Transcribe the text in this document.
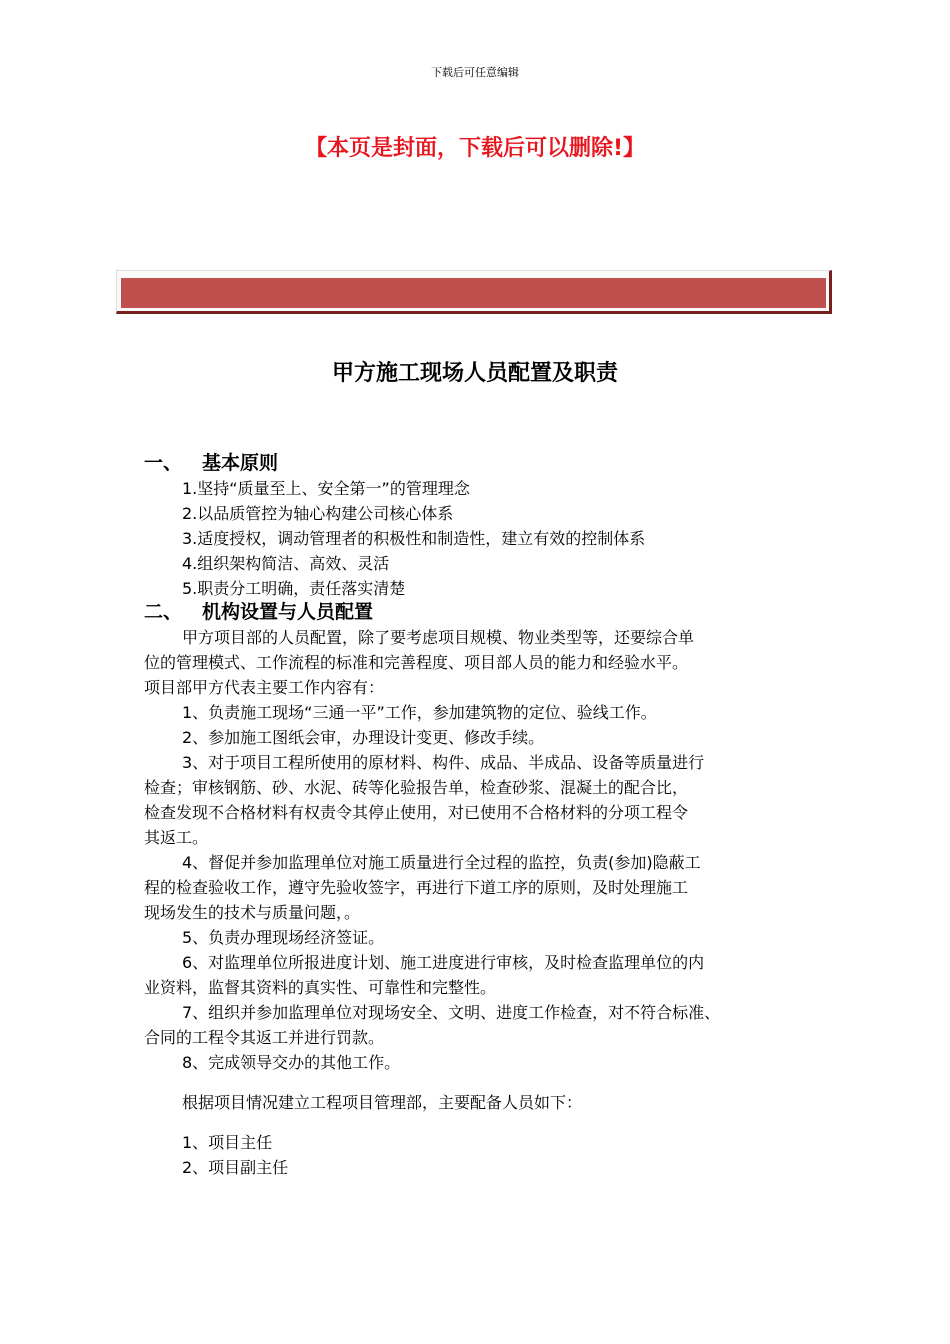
下载后可任意编辑
【本页是封面，下载后可以删除!】
甲方施工现场人员配置及职责
一、 基本原则
1.坚持“质量至上、安全第一”的管理理念
2.以品质管控为轴心构建公司核心体系
3.适度授权，调动管理者的积极性和制造性，建立有效的控制体系
4.组织架构简洁、高效、灵活
5.职责分工明确，责任落实清楚
二、 机构设置与人员配置
甲方项目部的人员配置，除了要考虑项目规模、物业类型等，还要综合单
位的管理模式、工作流程的标准和完善程度、项目部人员的能力和经验水平。
项目部甲方代表主要工作内容有：
1、负责施工现场“三通一平”工作，参加建筑物的定位、验线工作。
2、参加施工图纸会审，办理设计变更、修改手续。
3、对于项目工程所使用的原材料、构件、成品、半成品、设备等质量进行
检查；审核钢筋、砂、水泥、砖等化验报告单，检查砂浆、混凝土的配合比，
检查发现不合格材料有权责令其停止使用，对已使用不合格材料的分项工程令
其返工。
4、督促并参加监理单位对施工质量进行全过程的监控，负责(参加)隐蔽工
程的检查验收工作，遵守先验收签字，再进行下道工序的原则，及时处理施工
现场发生的技术与质量问题，。
5、负责办理现场经济签证。
6、对监理单位所报进度计划、施工进度进行审核，及时检查监理单位的内
业资料，监督其资料的真实性、可靠性和完整性。
7、组织并参加监理单位对现场安全、文明、进度工作检查，对不符合标准、
合同的工程令其返工并进行罚款。
8、完成领导交办的其他工作。
根据项目情况建立工程项目管理部，主要配备人员如下：
1、项目主任
2、项目副主任
